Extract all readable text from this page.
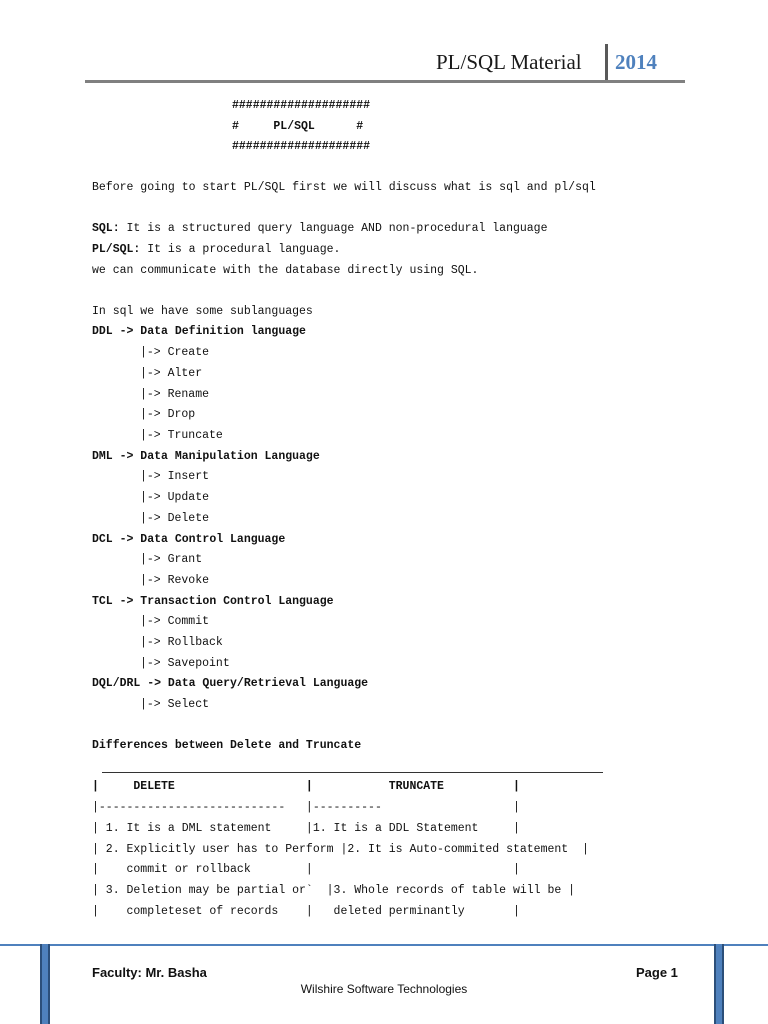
PL/SQL Material 2014
####################
#     PL/SQL      #
####################
Before going to start PL/SQL first we will discuss what is sql and pl/sql
SQL: It is a structured query language AND non-procedural language
PL/SQL: It is a procedural language.
we can communicate with the database directly using SQL.
In sql we have some sublanguages
DDL -> Data Definition language
|-> Create
|-> Alter
|-> Rename
|-> Drop
|-> Truncate
DML -> Data Manipulation Language
|-> Insert
|-> Update
|-> Delete
DCL -> Data Control Language
|-> Grant
|-> Revoke
TCL -> Transaction Control Language
|-> Commit
|-> Rollback
|-> Savepoint
DQL/DRL -> Data Query/Retrieval Language
|-> Select
Differences between Delete and Truncate
|     DELETE                   |           TRUNCATE          |
|---------------------------   |----------                   |
| 1. It is a DML statement     |1. It is a DDL Statement     |
| 2. Explicitly user has to Perform |2. It is Auto-commited statement  |
|    commit or rollback        |                             |
| 3. Deletion may be partial or`  |3. Whole records of table will be |
|    completeset of records    |   deleted perminantly       |
Faculty: Mr. Basha	Page 1
Wilshire Software Technologies
